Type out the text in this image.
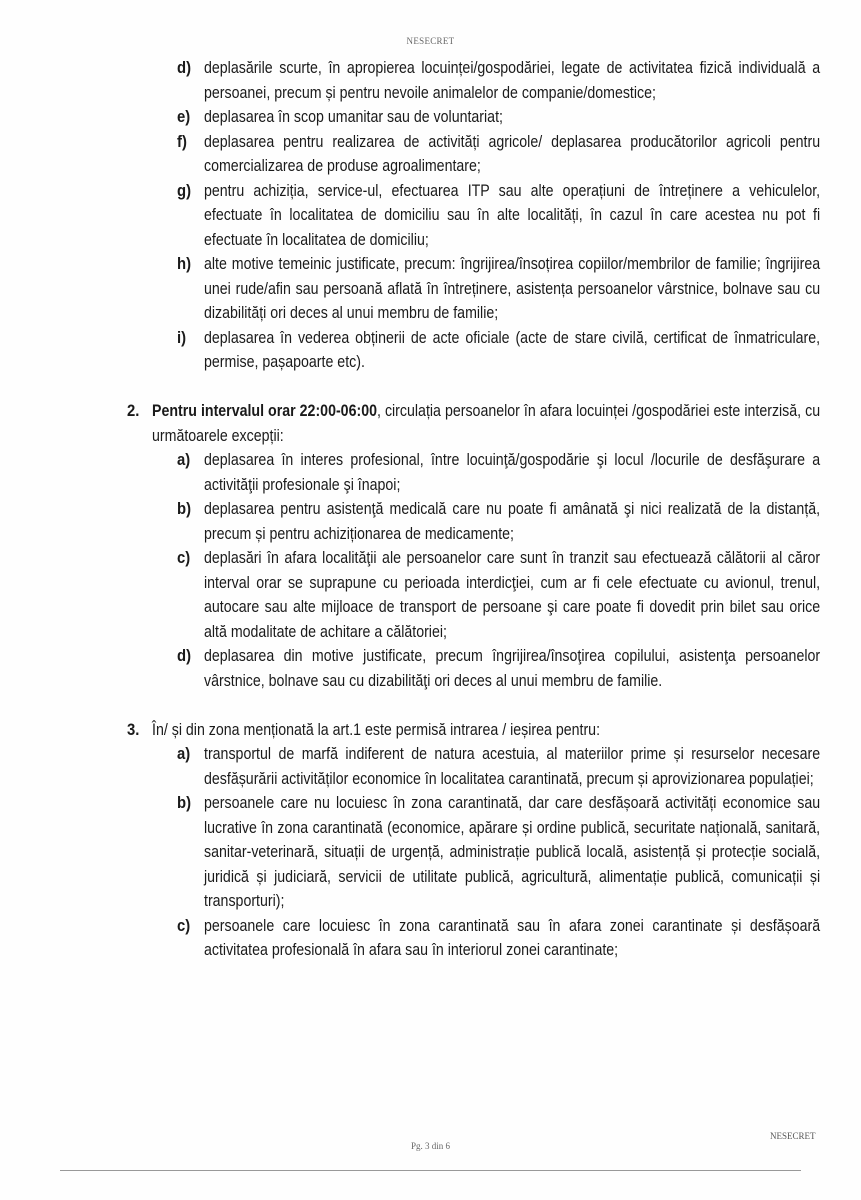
NESECRET
d) deplasările scurte, în apropierea locuinței/gospodăriei, legate de activitatea fizică individuală a persoanei, precum și pentru nevoile animalelor de companie/domestice;
e) deplasarea în scop umanitar sau de voluntariat;
f) deplasarea pentru realizarea de activități agricole/ deplasarea producătorilor agricoli pentru comercializarea de produse agroalimentare;
g) pentru achiziția, service-ul, efectuarea ITP sau alte operațiuni de întreținere a vehiculelor, efectuate în localitatea de domiciliu sau în alte localități, în cazul în care acestea nu pot fi efectuate în localitatea de domiciliu;
h) alte motive temeinic justificate, precum: îngrijirea/însoțirea copiilor/membrilor de familie; îngrijirea unei rude/afin sau persoană aflată în întreținere, asistența persoanelor vârstnice, bolnave sau cu dizabilități ori deces al unui membru de familie;
i) deplasarea în vederea obținerii de acte oficiale (acte de stare civilă, certificat de înmatriculare, permise, pașapoarte etc).
2. Pentru intervalul orar 22:00-06:00, circulația persoanelor în afara locuinței /gospodăriei este interzisă, cu următoarele excepții:
a) deplasarea în interes profesional, între locuinţă/gospodărie şi locul /locurile de desfăşurare a activităţii profesionale şi înapoi;
b) deplasarea pentru asistenţă medicală care nu poate fi amânată şi nici realizată de la distanță, precum și pentru achiziționarea de medicamente;
c) deplasări în afara localităţii ale persoanelor care sunt în tranzit sau efectuează călătorii al căror interval orar se suprapune cu perioada interdicţiei, cum ar fi cele efectuate cu avionul, trenul, autocare sau alte mijloace de transport de persoane şi care poate fi dovedit prin bilet sau orice altă modalitate de achitare a călătoriei;
d) deplasarea din motive justificate, precum îngrijirea/însoţirea copilului, asistenţa persoanelor vârstnice, bolnave sau cu dizabilităţi ori deces al unui membru de familie.
3. În/ și din zona menționată la art.1 este permisă intrarea / ieșirea pentru:
a) transportul de marfă indiferent de natura acestuia, al materiilor prime și resurselor necesare desfășurării activităților economice în localitatea carantinată, precum și aprovizionarea populației;
b) persoanele care nu locuiesc în zona carantinată, dar care desfășoară activități economice sau lucrative în zona carantinată (economice, apărare și ordine publică, securitate națională, sanitară, sanitar-veterinară, situații de urgență, administrație publică locală, asistență și protecție socială, juridică și judiciară, servicii de utilitate publică, agricultură, alimentație publică, comunicații și transporturi);
c) persoanele care locuiesc în zona carantinată sau în afara zonei carantinate și desfășoară activitatea profesională în afara sau în interiorul zonei carantinate;
NESECRET
Pg. 3 din 6
